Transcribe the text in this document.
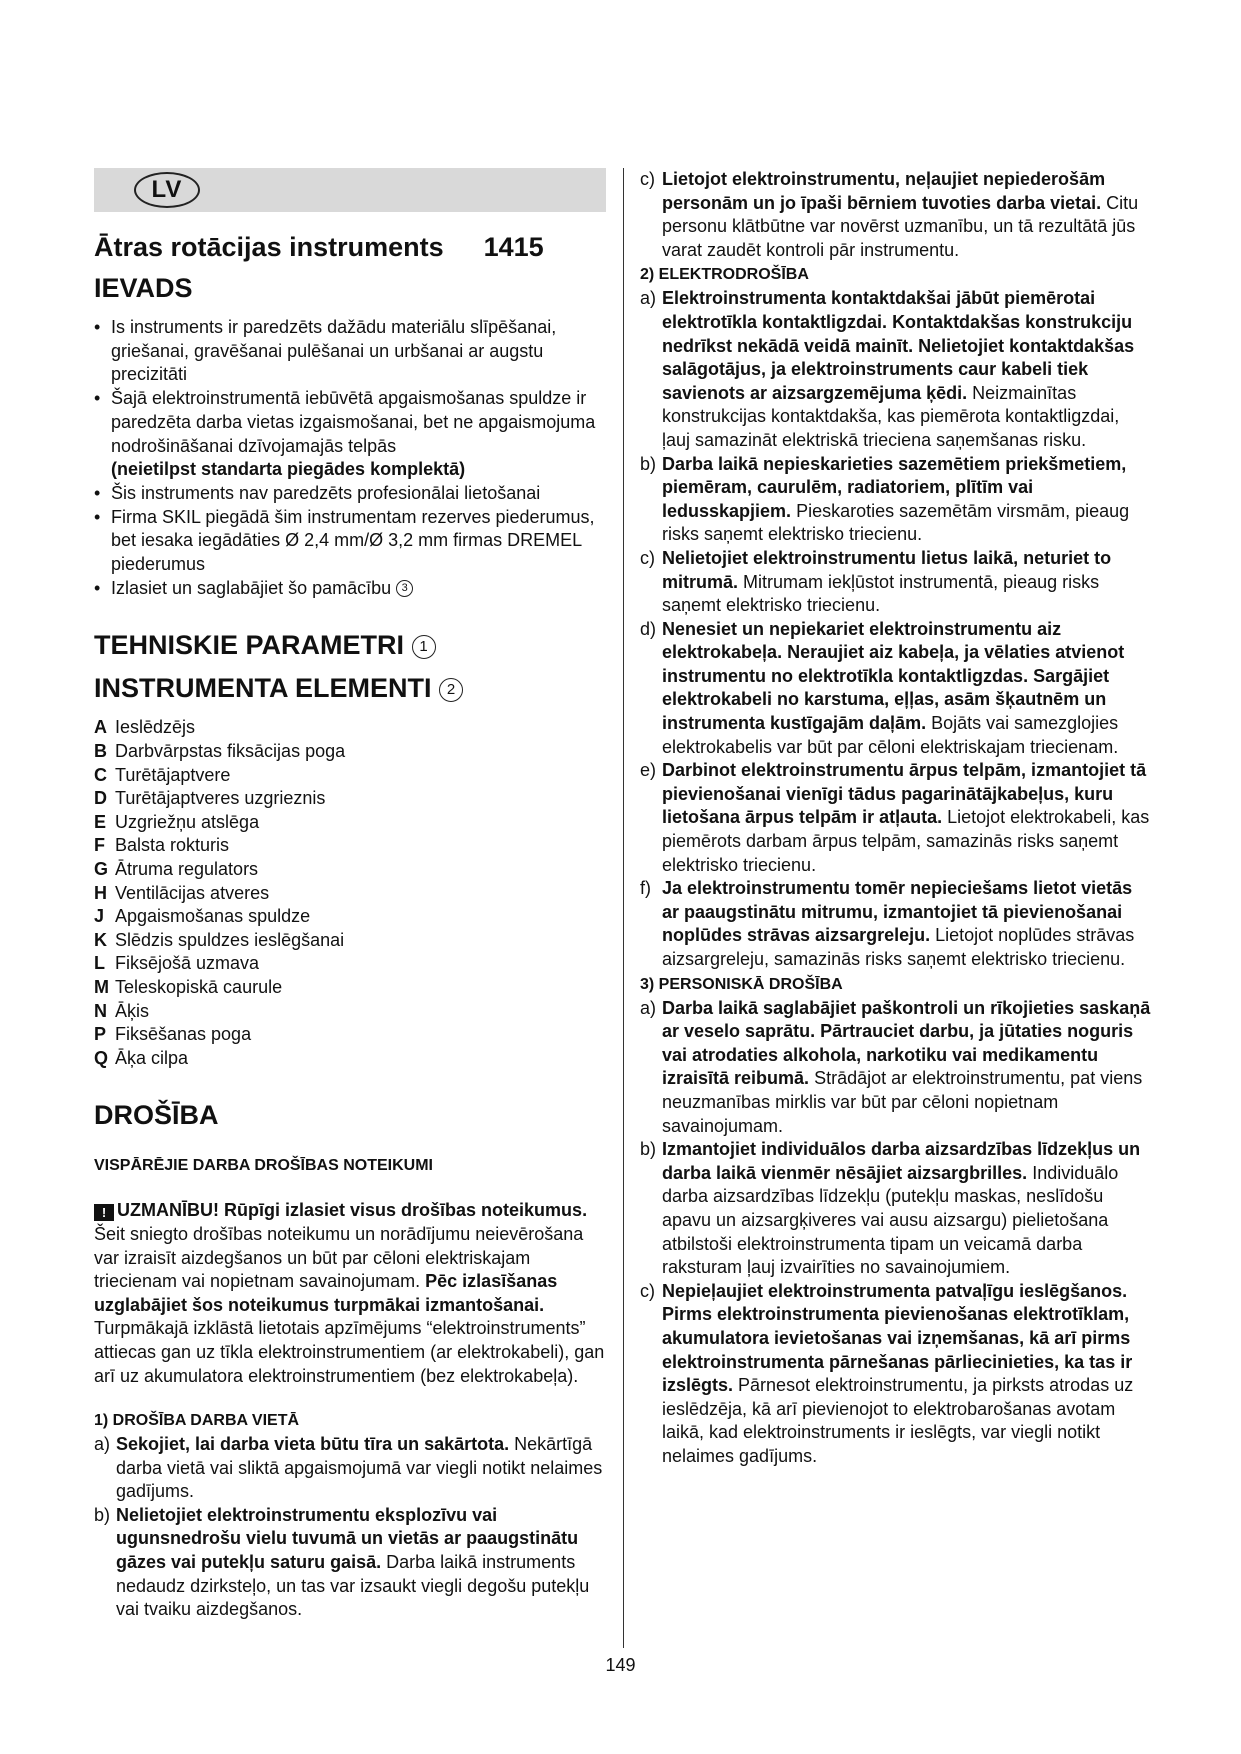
LV
Ātras rotācijas instruments 1415
IEVADS
• Is instruments ir paredzēts dažādu materiālu slīpēšanai, griešanai, gravēšanai pulēšanai un urbšanai ar augstu precizitāti
• Šajā elektroinstrumentā iebūvētā apgaismošanas spuldze ir paredzēta darba vietas izgaismošanai, bet ne apgaismojuma nodrošināšanai dzīvojamajās telpās
(neietilpst standarta piegādes komplektā)
• Šis instruments nav paredzēts profesionālai lietošanai
• Firma SKIL piegādā šim instrumentam rezerves piederumus, bet iesaka iegādāties Ø 2,4 mm/Ø 3,2 mm firmas DREMEL piederumus
• Izlasiet un saglabājiet šo pamācību 3
TEHNISKIE PARAMETRI 1
INSTRUMENTA ELEMENTI 2
A Ieslēdzējs
B Darbvārpstas fiksācijas poga
C Turētājaptvere
D Turētājaptveres uzgrieznis
E Uzgriežņu atslēga
F Balsta rokturis
G Ātruma regulators
H Ventilācijas atveres
J Apgaismošanas spuldze
K Slēdzis spuldzes ieslēgšanai
L Fiksējošā uzmava
M Teleskopiskā caurule
N Āķis
P Fiksēšanas poga
Q Āķa cilpa
DROŠĪBA
VISPĀRĒJIE DARBA DROŠĪBAS NOTEIKUMI

! UZMANĪBU! Rūpīgi izlasiet visus drošības noteikumus. Šeit sniegto drošības noteikumu un norādījumu neievērošana var izraisīt aizdegšanos un būt par cēloni elektriskajam triecienam vai nopietnam savainojumam. Pēc izlasīšanas uzglabājiet šos noteikumus turpmākai izmantošanai. Turpmākajā izklāstā lietotais apzīmējums “elektroinstruments” attiecas gan uz tīkla elektroinstrumentiem (ar elektrokabeli), gan arī uz akumulatora elektroinstrumentiem (bez elektrokabeļa).

1) DROŠĪBA DARBA VIETĀ
a) Sekojiet, lai darba vieta būtu tīra un sakārtota. Nekārtīgā darba vietā vai sliktā apgaismojumā var viegli notikt nelaimes gadījums.
b) Nelietojiet elektroinstrumentu eksplozīvu vai ugunsnedrošu vielu tuvumā un vietās ar paaugstinātu gāzes vai putekļu saturu gaisā. Darba laikā instruments nedaudz dzirksteļo, un tas var izsaukt viegli degošu putekļu vai tvaiku aizdegšanos.
c) Lietojot elektroinstrumentu, neļaujiet nepiederošām personām un jo īpaši bērniem tuvoties darba vietai. Citu personu klātbūtne var novērst uzmanību, un tā rezultātā jūs varat zaudēt kontroli pār instrumentu.
2) ELEKTRODROŠĪBA
a) Elektroinstrumenta kontaktdakšai jābūt piemērotai elektrotīkla kontaktligzdai. Kontaktdakšas konstrukciju nedrīkst nekādā veidā mainīt. Nelietojiet kontaktdakšas salāgotājus, ja elektroinstruments caur kabeli tiek savienots ar aizsargzemējuma ķēdi. Neizmainītas konstrukcijas kontaktdakša, kas piemērota kontaktligzdai, ļauj samazināt elektriskā trieciena saņemšanas risku.
b) Darba laikā nepieskarieties sazemētiem priekšmetiem, piemēram, caurulēm, radiatoriem, plītīm vai ledusskapjiem. Pieskaroties sazemētām virsmām, pieaug risks saņemt elektrisko triecienu.
c) Nelietojiet elektroinstrumentu lietus laikā, neturiet to mitrumā. Mitrumam iekļūstot instrumentā, pieaug risks saņemt elektrisko triecienu.
d) Nenesiet un nepiekariet elektroinstrumentu aiz elektrokabeļa. Neraujiet aiz kabeļa, ja vēlaties atvienot instrumentu no elektrotīkla kontaktligzdas. Sargājiet elektrokabeli no karstuma, eļļas, asām šķautnēm un instrumenta kustīgajām daļām. Bojāts vai samezglojies elektrokabelis var būt par cēloni elektriskajam triecienam.
e) Darbinot elektroinstrumentu ārpus telpām, izmantojiet tā pievienošanai vienīgi tādus pagarinātājkabeļus, kuru lietošana ārpus telpām ir atļauta. Lietojot elektrokabeli, kas piemērots darbam ārpus telpām, samazinās risks saņemt elektrisko triecienu.
f) Ja elektroinstrumentu tomēr nepieciešams lietot vietās ar paaugstinātu mitrumu, izmantojiet tā pievienošanai noplūdes strāvas aizsargreleju. Lietojot noplūdes strāvas aizsargreleju, samazinās risks saņemt elektrisko triecienu.
3) PERSONISKĀ DROŠĪBA
a) Darba laikā saglabājiet paškontroli un rīkojieties saskaņā ar veselo saprātu. Pārtrauciet darbu, ja jūtaties noguris vai atrodaties alkohola, narkotiku vai medikamentu izraisītā reibumā. Strādājot ar elektroinstrumentu, pat viens neuzmanības mirklis var būt par cēloni nopietnam savainojumam.
b) Izmantojiet individuālos darba aizsardzības līdzekļus un darba laikā vienmēr nēsājiet aizsargbrilles. Individuālo darba aizsardzības līdzekļu (putekļu maskas, neslīdošu apavu un aizsargķiveres vai ausu aizsargu) pielietošana atbilstoši elektroinstrumenta tipam un veicamā darba raksturam ļauj izvairīties no savainojumiem.
c) Nepieļaujiet elektroinstrumenta patvaļīgu ieslēgšanos. Pirms elektroinstrumenta pievienošanas elektrotīklam, akumulatora ievietošanas vai izņemšanas, kā arī pirms elektroinstrumenta pārnešanas pārliecinieties, ka tas ir izslēgts. Pārnesot elektroinstrumentu, ja pirksts atrodas uz ieslēdzēja, kā arī pievienojot to elektrobarošanas avotam laikā, kad elektroinstruments ir ieslēgts, var viegli notikt nelaimes gadījums.
149
